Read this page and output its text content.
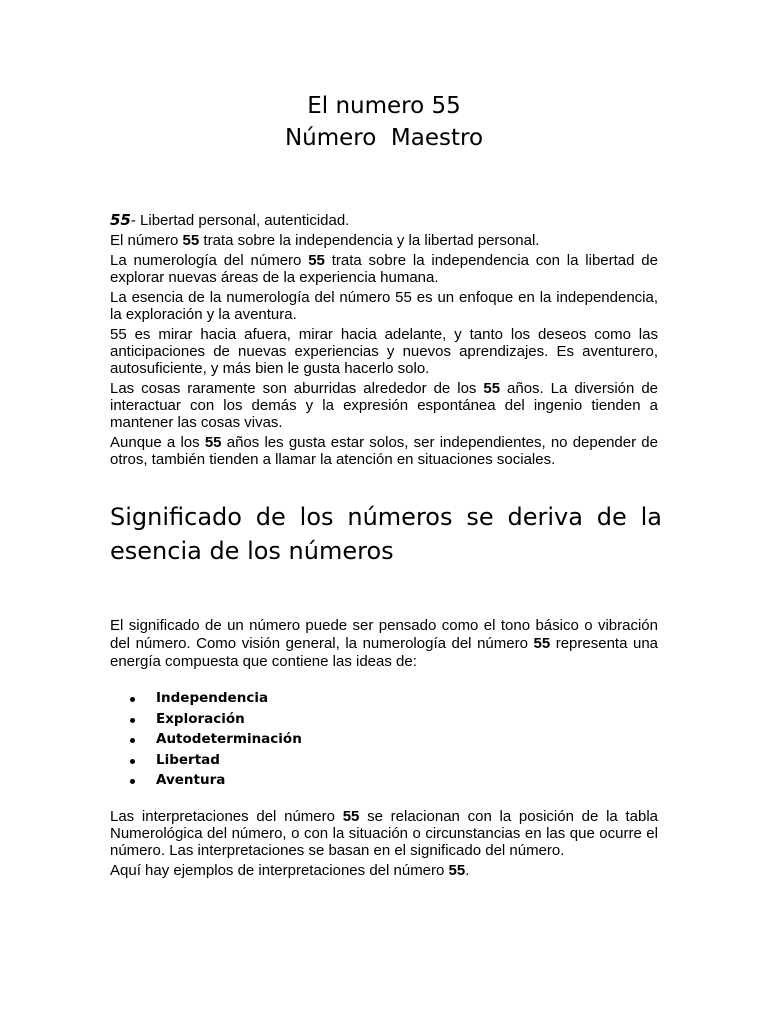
El numero 55
Número  Maestro

55- Libertad personal, autenticidad.

El número 55 trata sobre la independencia y la libertad personal.

La numerología del número 55 trata sobre la independencia con la libertad de explorar nuevas áreas de la experiencia humana.

La esencia de la numerología del número 55 es un enfoque en la independencia, la exploración y la aventura.

55 es mirar hacia afuera, mirar hacia adelante, y tanto los deseos como las anticipaciones de nuevas experiencias y nuevos aprendizajes. Es aventurero, autosuficiente, y más bien le gusta hacerlo solo.

Las cosas raramente son aburridas alrededor de los 55 años. La diversión de interactuar con los demás y la expresión espontánea del ingenio tienden a mantener las cosas vivas.

Aunque a los 55 años les gusta estar solos, ser independientes, no depender de otros, también tienden a llamar la atención en situaciones sociales.

Significado de los números se deriva de la esencia de los números

El significado de un número puede ser pensado como el tono básico o vibración del número. Como visión general, la numerología del número 55 representa una energía compuesta que contiene las ideas de:

Independencia
Exploración
Autodeterminación
Libertad
Aventura

Las interpretaciones del número 55 se relacionan con la posición de la tabla Numerológica del número, o con la situación o circunstancias en las que ocurre el número. Las interpretaciones se basan en el significado del número.

Aquí hay ejemplos de interpretaciones del número 55.
